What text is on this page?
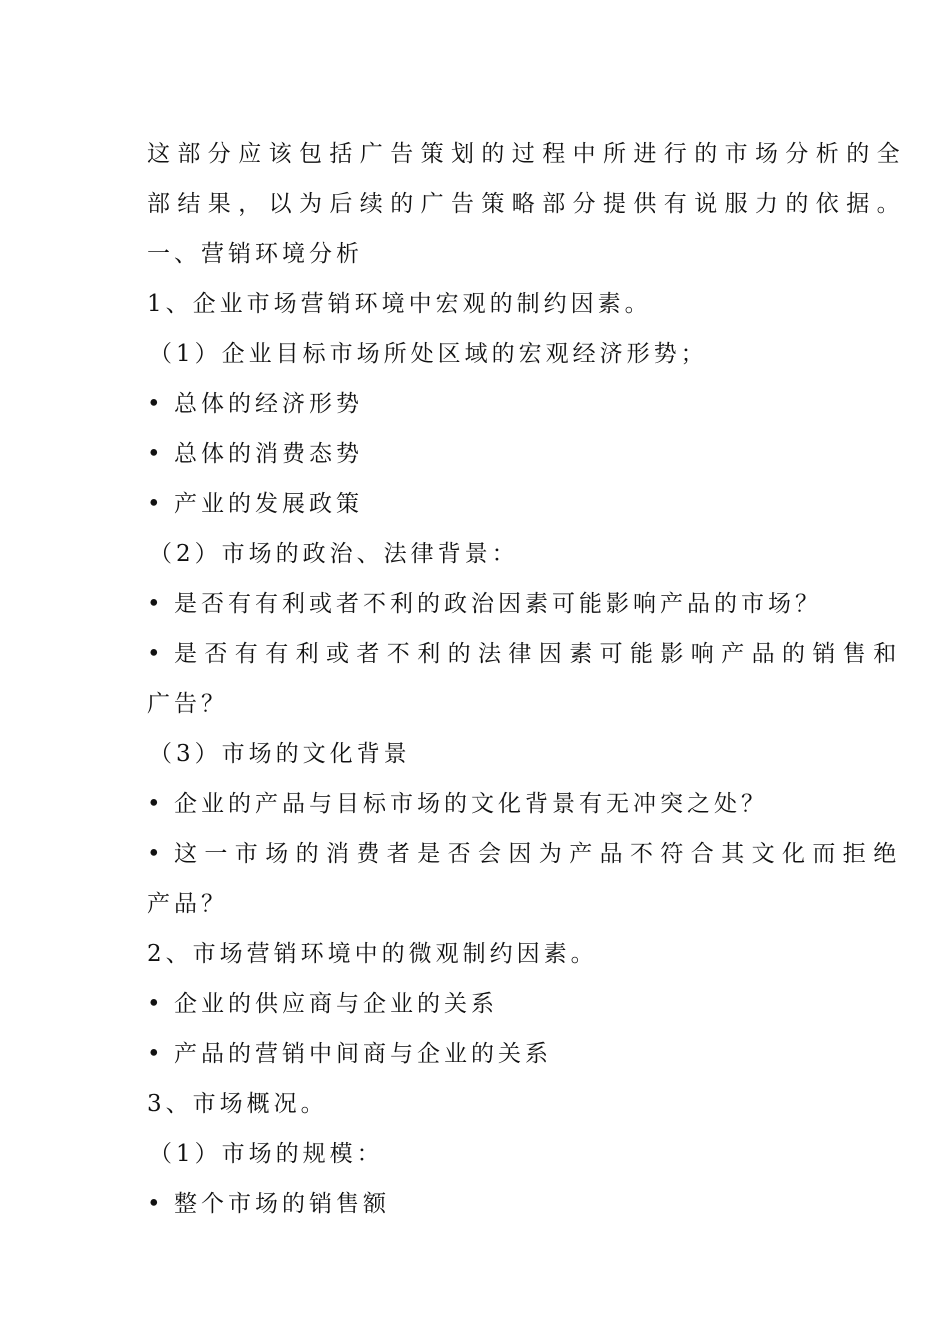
这部分应该包括广告策划的过程中所进行的市场分析的全
部结果，以为后续的广告策略部分提供有说服力的依据。
一、营销环境分析
1、企业市场营销环境中宏观的制约因素。
（1）企业目标市场所处区域的宏观经济形势；
• 总体的经济形势
• 总体的消费态势
• 产业的发展政策
（2）市场的政治、法律背景：
• 是否有有利或者不利的政治因素可能影响产品的市场？
• 是否有有利或者不利的法律因素可能影响产品的销售和
广告？
（3）市场的文化背景
• 企业的产品与目标市场的文化背景有无冲突之处？
• 这一市场的消费者是否会因为产品不符合其文化而拒绝
产品？
2、市场营销环境中的微观制约因素。
• 企业的供应商与企业的关系
• 产品的营销中间商与企业的关系
3、市场概况。
（1）市场的规模：
• 整个市场的销售额
